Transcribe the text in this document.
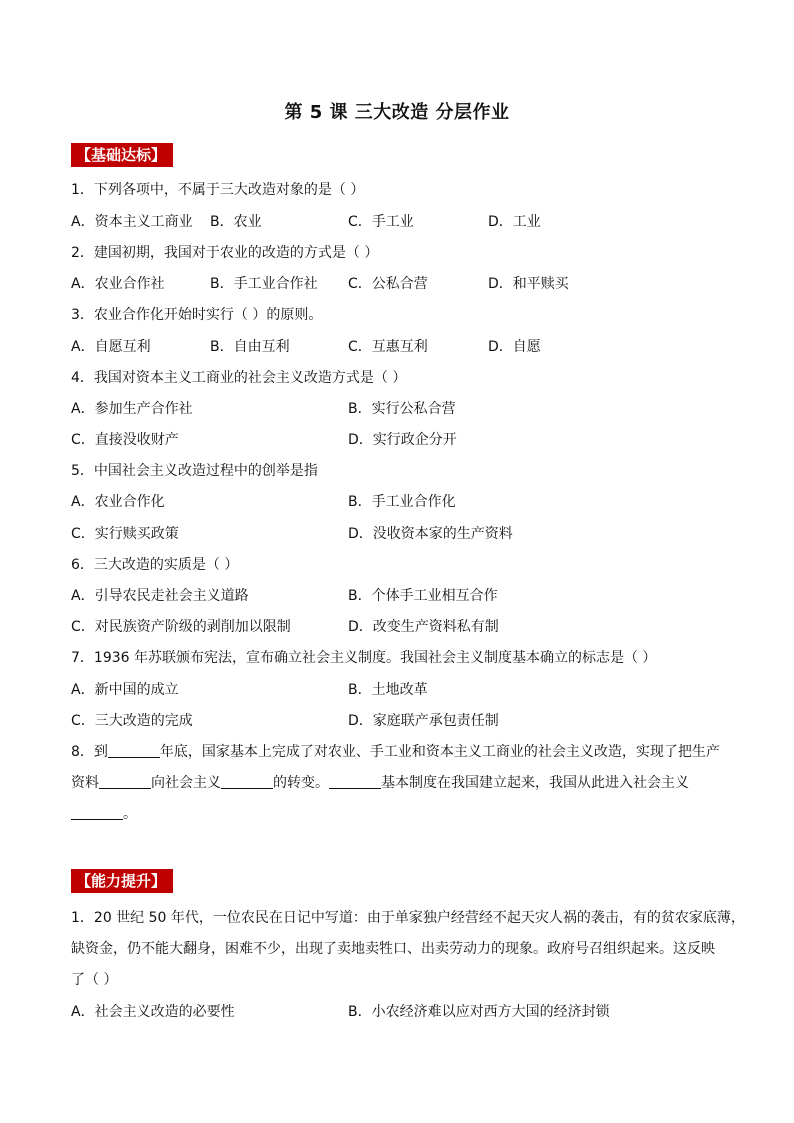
第 5 课 三大改造 分层作业
【基础达标】
1．下列各项中，不属于三大改造对象的是（ ）
A．资本主义工商业 B．农业	C．手工业	D．工业
2．建国初期，我国对于农业的改造的方式是（ ）
A．农业合作社	B．手工业合作社 C．公私合营	D．和平赎买
3．农业合作化开始时实行（ ）的原则。
A．自愿互利	B．自由互利	C．互惠互利	D．自愿
4．我国对资本主义工商业的社会主义改造方式是（ ）
A．参加生产合作社	B．实行公私合营
C．直接没收财产	D．实行政企分开
5．中国社会主义改造过程中的创举是指
A．农业合作化	B．手工业合作化
C．实行赎买政策	D．没收资本家的生产资料
6．三大改造的实质是（ ）
A．引导农民走社会主义道路	B．个体手工业相互合作
C．对民族资产阶级的剥削加以限制	D．改变生产资料私有制
7．1936 年苏联颁布宪法，宣布确立社会主义制度。我国社会主义制度基本确立的标志是（ ）
A．新中国的成立	B．土地改革
C．三大改造的完成	D．家庭联产承包责任制
8．到	年底，国家基本上完成了对农业、手工业和资本主义工商业的社会主义改造，实现了把生产
资料	向社会主义	的转变。	基本制度在我国建立起来，我国从此进入社会主义
。
【能力提升】
1．20 世纪 50 年代，一位农民在日记中写道：由于单家独户经营经不起天灾人祸的袭击，有的贫农家底薄，
缺资金，仍不能大翻身，困难不少，出现了卖地卖牲口、出卖劳动力的现象。政府号召组织起来。这反映
了（ ）
A．社会主义改造的必要性	B．小农经济难以应对西方大国的经济封锁
